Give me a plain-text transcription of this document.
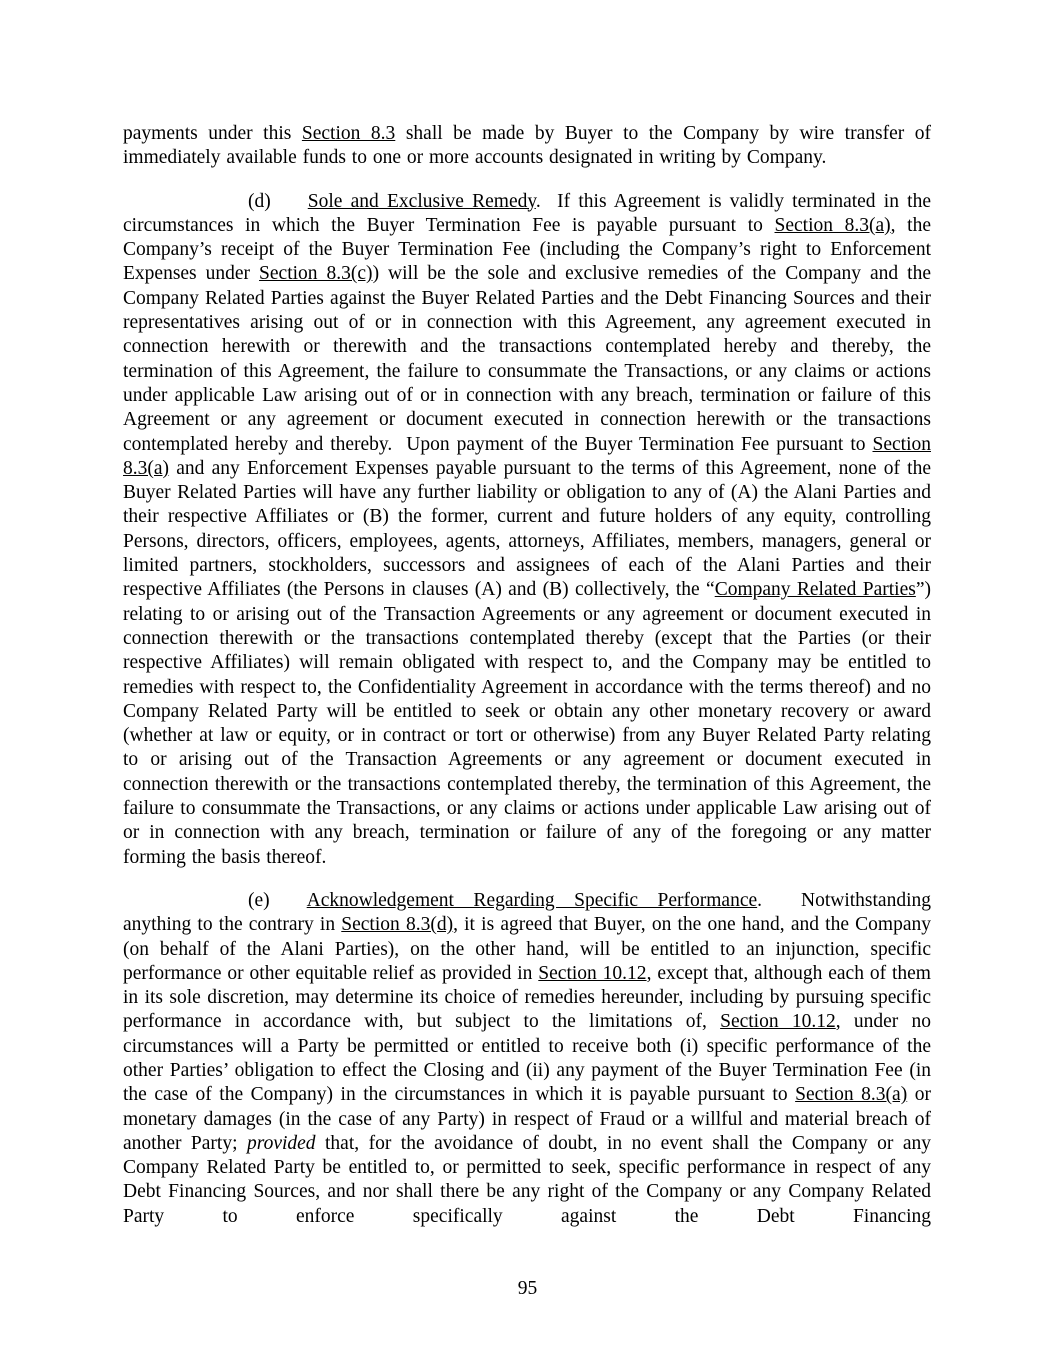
payments under this Section 8.3 shall be made by Buyer to the Company by wire transfer of immediately available funds to one or more accounts designated in writing by Company.

(d) Sole and Exclusive Remedy.  If this Agreement is validly terminated in the circumstances in which the Buyer Termination Fee is payable pursuant to Section 8.3(a), the Company’s receipt of the Buyer Termination Fee (including the Company’s right to Enforcement Expenses under Section 8.3(c)) will be the sole and exclusive remedies of the Company and the Company Related Parties against the Buyer Related Parties and the Debt Financing Sources and their representatives arising out of or in connection with this Agreement, any agreement executed in connection herewith or therewith and the transactions contemplated hereby and thereby, the termination of this Agreement, the failure to consummate the Transactions, or any claims or actions under applicable Law arising out of or in connection with any breach, termination or failure of this Agreement or any agreement or document executed in connection herewith or the transactions contemplated hereby and thereby.  Upon payment of the Buyer Termination Fee pursuant to Section 8.3(a) and any Enforcement Expenses payable pursuant to the terms of this Agreement, none of the Buyer Related Parties will have any further liability or obligation to any of (A) the Alani Parties and their respective Affiliates or (B) the former, current and future holders of any equity, controlling Persons, directors, officers, employees, agents, attorneys, Affiliates, members, managers, general or limited partners, stockholders, successors and assignees of each of the Alani Parties and their respective Affiliates (the Persons in clauses (A) and (B) collectively, the “Company Related Parties”) relating to or arising out of the Transaction Agreements or any agreement or document executed in connection therewith or the transactions contemplated thereby (except that the Parties (or their respective Affiliates) will remain obligated with respect to, and the Company may be entitled to remedies with respect to, the Confidentiality Agreement in accordance with the terms thereof) and no Company Related Party will be entitled to seek or obtain any other monetary recovery or award (whether at law or equity, or in contract or tort or otherwise) from any Buyer Related Party relating to or arising out of the Transaction Agreements or any agreement or document executed in connection therewith or the transactions contemplated thereby, the termination of this Agreement, the failure to consummate the Transactions, or any claims or actions under applicable Law arising out of or in connection with any breach, termination or failure of any of the foregoing or any matter forming the basis thereof.

(e) Acknowledgement Regarding Specific Performance.  Notwithstanding anything to the contrary in Section 8.3(d), it is agreed that Buyer, on the one hand, and the Company (on behalf of the Alani Parties), on the other hand, will be entitled to an injunction, specific performance or other equitable relief as provided in Section 10.12, except that, although each of them in its sole discretion, may determine its choice of remedies hereunder, including by pursuing specific performance in accordance with, but subject to the limitations of, Section 10.12, under no circumstances will a Party be permitted or entitled to receive both (i) specific performance of the other Parties’ obligation to effect the Closing and (ii) any payment of the Buyer Termination Fee (in the case of the Company) in the circumstances in which it is payable pursuant to Section 8.3(a) or monetary damages (in the case of any Party) in respect of Fraud or a willful and material breach of another Party; provided that, for the avoidance of doubt, in no event shall the Company or any Company Related Party be entitled to, or permitted to seek, specific performance in respect of any Debt Financing Sources, and nor shall there be any right of the Company or any Company Related Party to enforce specifically against the Debt Financing

95
